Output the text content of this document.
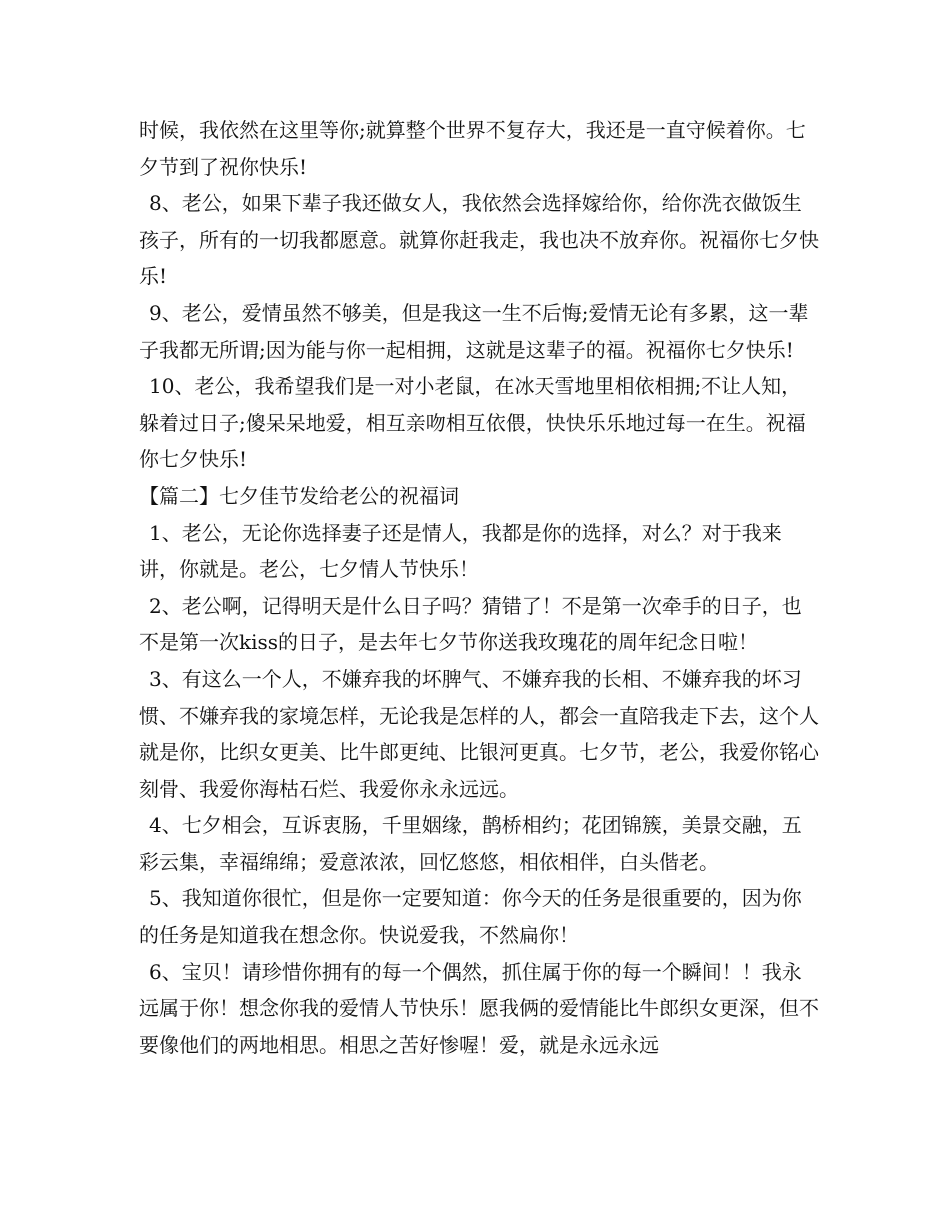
时候，我依然在这里等你;就算整个世界不复存大，我还是一直守候着你。七夕节到了祝你快乐!

8、老公，如果下辈子我还做女人，我依然会选择嫁给你，给你洗衣做饭生孩子，所有的一切我都愿意。就算你赶我走，我也决不放弃你。祝福你七夕快乐!

9、老公，爱情虽然不够美，但是我这一生不后悔;爱情无论有多累，这一辈子我都无所谓;因为能与你一起相拥，这就是这辈子的福。祝福你七夕快乐!

10、老公，我希望我们是一对小老鼠，在冰天雪地里相依相拥;不让人知，躲着过日子;傻呆呆地爱，相互亲吻相互依偎，快快乐乐地过每一在生。祝福你七夕快乐!

【篇二】七夕佳节发给老公的祝福词

1、老公，无论你选择妻子还是情人，我都是你的选择，对么？对于我来讲，你就是。老公，七夕情人节快乐！

2、老公啊，记得明天是什么日子吗？猜错了！不是第一次牵手的日子，也不是第一次kiss的日子，是去年七夕节你送我玫瑰花的周年纪念日啦！

3、有这么一个人，不嫌弃我的坏脾气、不嫌弃我的长相、不嫌弃我的坏习惯、不嫌弃我的家境怎样，无论我是怎样的人，都会一直陪我走下去，这个人就是你，比织女更美、比牛郎更纯、比银河更真。七夕节，老公，我爱你铭心刻骨、我爱你海枯石烂、我爱你永永远远。

4、七夕相会，互诉衷肠，千里姻缘，鹊桥相约；花团锦簇，美景交融，五彩云集，幸福绵绵；爱意浓浓，回忆悠悠，相依相伴，白头偕老。

5、我知道你很忙，但是你一定要知道：你今天的任务是很重要的，因为你的任务是知道我在想念你。快说爱我，不然扁你！

6、宝贝！请珍惜你拥有的每一个偶然，抓住属于你的每一个瞬间！！我永远属于你！想念你我的爱情人节快乐！愿我俩的爱情能比牛郎织女更深，但不要像他们的两地相思。相思之苦好惨喔！爱，就是永远永远
